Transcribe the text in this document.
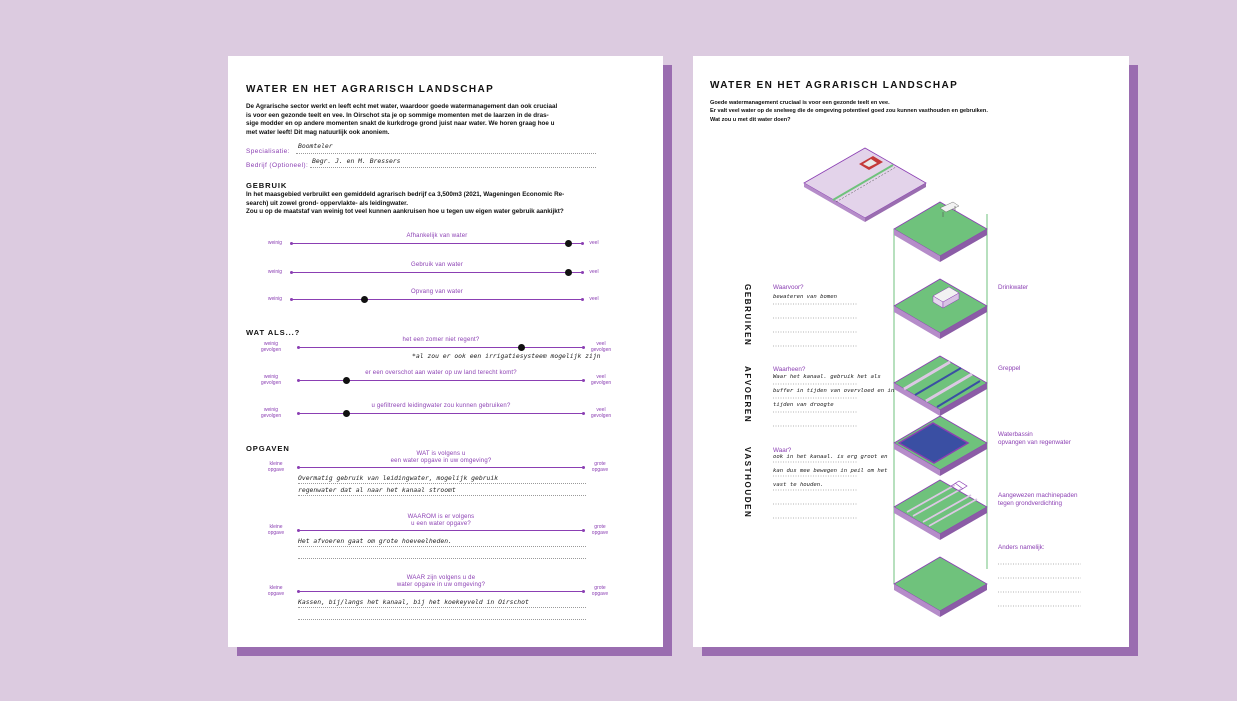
WATER EN HET AGRARISCH LANDSCHAP
De Agrarische sector werkt en leeft echt met water, waardoor goede watermanagement dan ook cruciaal
is voor een gezonde teelt en vee. In Oirschot sta je op sommige momenten met de laarzen in de dras-
sige modder en op andere momenten snakt de kurkdroge grond juist naar water. We horen graag hoe u
met water leeft! Dit mag natuurlijk ook anoniem.
Specialisatie:
Boomteler
Bedrijf (Optioneel):
Begr. J. en M. Bressers
GEBRUIK
In het maasgebied verbruikt een gemiddeld agrarisch bedrijf ca 3,500m3 (2021, Wageningen Economic Re-
search) uit zowel grond- oppervlakte- als leidingwater.
Zou u op de maatstaf van weinig tot veel kunnen aankruisen hoe u tegen uw eigen water gebruik aankijkt?
Afhankelijk van water
weinig	veel
Gebruik van water
weinig	veel
Opvang van water
weinig	veel
WAT ALS...?
het een zomer niet regent?
weinig gevolgen
veel gevolgen
*al zou er ook een irrigatiesysteem mogelijk zijn
er een overschot aan water op uw land terecht komt?
weinig gevolgen
veel gevolgen
u gefiltreerd leidingwater zou kunnen gebruiken?
weinig gevolgen
veel gevolgen
OPGAVEN
WAT is volgens u
een water opgave in uw omgeving?
kleine opgave
grote opgave
Overmatig gebruik van leidingwater, mogelijk gebruik
regenwater dat al naar het kanaal stroomt
WAAROM is er volgens
u een water opgave?
kleine opgave
grote opgave
Het afvoeren gaat om grote hoeveelheden.
WAAR zijn volgens u de
water opgave in uw omgeving?
kleine opgave
grote opgave
Kassen, bij/langs het kanaal, bij het koekeyveld in Oirschot
WATER EN HET AGRARISCH LANDSCHAP
Goede watermanagement cruciaal is voor een gezonde teelt en vee.
Er valt veel water op de snelweg die de omgeving potentieel goed zou kunnen vasthouden en gebruiken.
Wat zou u met dit water doen?
GEBRUIKEN
AFVOEREN
VASTHOUDEN
Waarvoor?
bewateren van bomen
Waarheen?
Waar het kanaal. gebruik het als
buffer in tijden van overvloed en in
tijden van droogte
Waar?
ook in het kanaal. is erg groot en
kan dus mee bewegen in peil om het
vast te houden.
Drinkwater
Greppel
Waterbassin
opvangen van regenwater
Aangewezen machinepaden
tegen grondverdichting
Anders namelijk:
